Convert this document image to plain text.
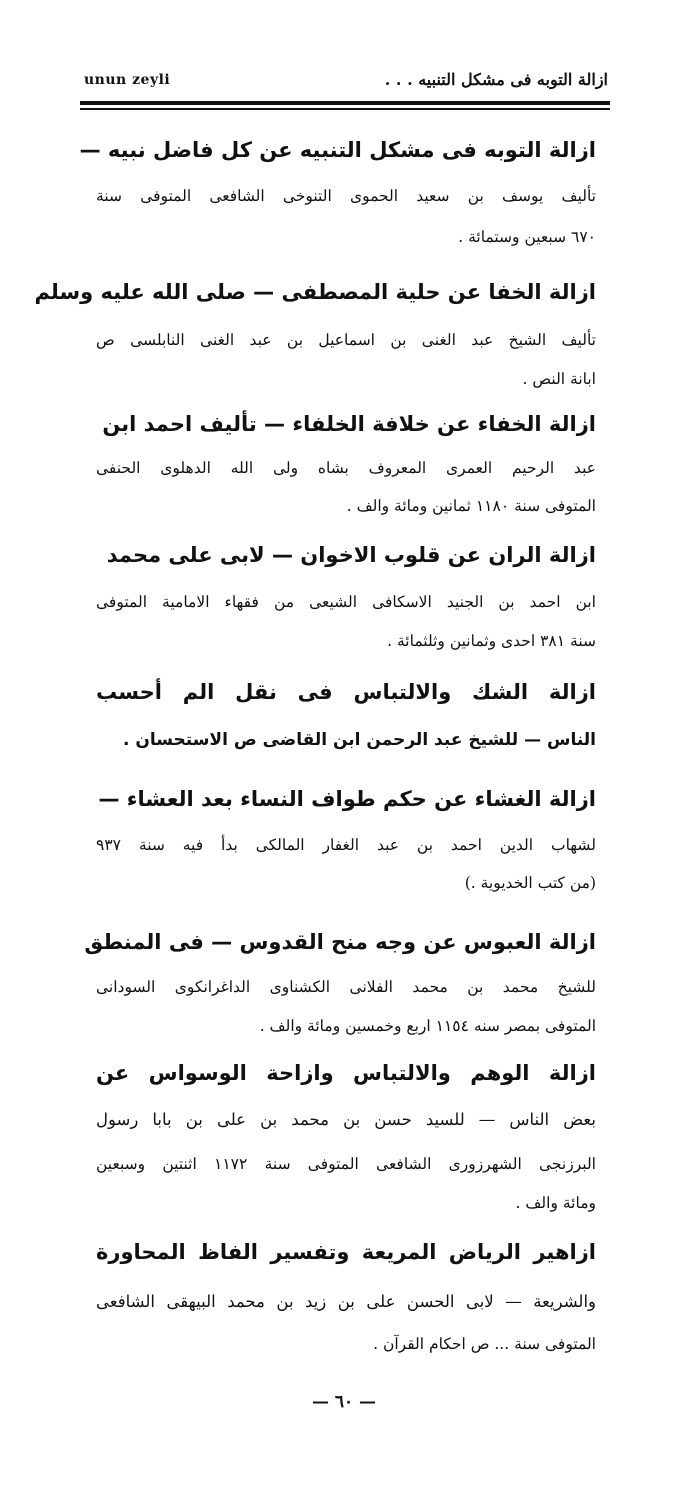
unun zeyli	ازالة التوبه فى مشكل التنبيه . . .
ازالة التوبه فى مشكل التنبيه عن كل فاضل نبيه —
تأليف يوسف بن سعيد الحموى التنوخى الشافعى المتوفى سنة
٦٧٠ سبعين وستمائة .
ازالة الخفا عن حلية المصطفى — صلى الله عليه وسلم
تأليف الشيخ عبد الغنى بن اسماعيل بن عبد الغنى النابلسى ص
ابانة النص .
ازالة الخفاء عن خلافة الخلفاء — تأليف احمد ابن
عبد الرحيم العمرى المعروف بشاه ولى الله الدهلوى الحنفى
المتوفى سنة ١١٨٠ ثمانين ومائة والف .
ازالة الران عن قلوب الاخوان — لابى على محمد
ابن احمد بن الجنيد الاسكافى الشيعى من فقهاء الامامية المتوفى
سنة ٣٨١ احدى وثمانين وثلثمائة .
ازالة الشك والالتباس فى نقل الم أحسب
الناس — للشيخ عبد الرحمن ابن القاضى ص الاستحسان .
ازالة الغشاء عن حكم طواف النساء بعد العشاء —
لشهاب الدين احمد بن عبد الغفار المالكى بدأ فيه سنة ٩٣٧
(من كتب الخديوية .)
ازالة العبوس عن وجه منح القدوس — فى المنطق
للشيخ محمد بن محمد الفلانى الكشناوى الداغرانكوى السودانى
المتوفى بمصر سنه ١١٥٤ اربع وخمسين ومائة والف .
ازالة الوهم والالتباس وازاحة الوسواس عن
بعض الناس — للسيد حسن بن محمد بن على بن بابا رسول
البرزنجى الشهرزورى الشافعى المتوفى سنة ١١٧٢ اثنتين وسبعين
ومائة والف .
ازاهير الرياض المريعة وتفسير الفاظ المحاورة
والشريعة — لابى الحسن على بن زيد بن محمد البيهقى الشافعى
المتوفى سنة ... ص احكام القرآن .
— ٦٠ —
